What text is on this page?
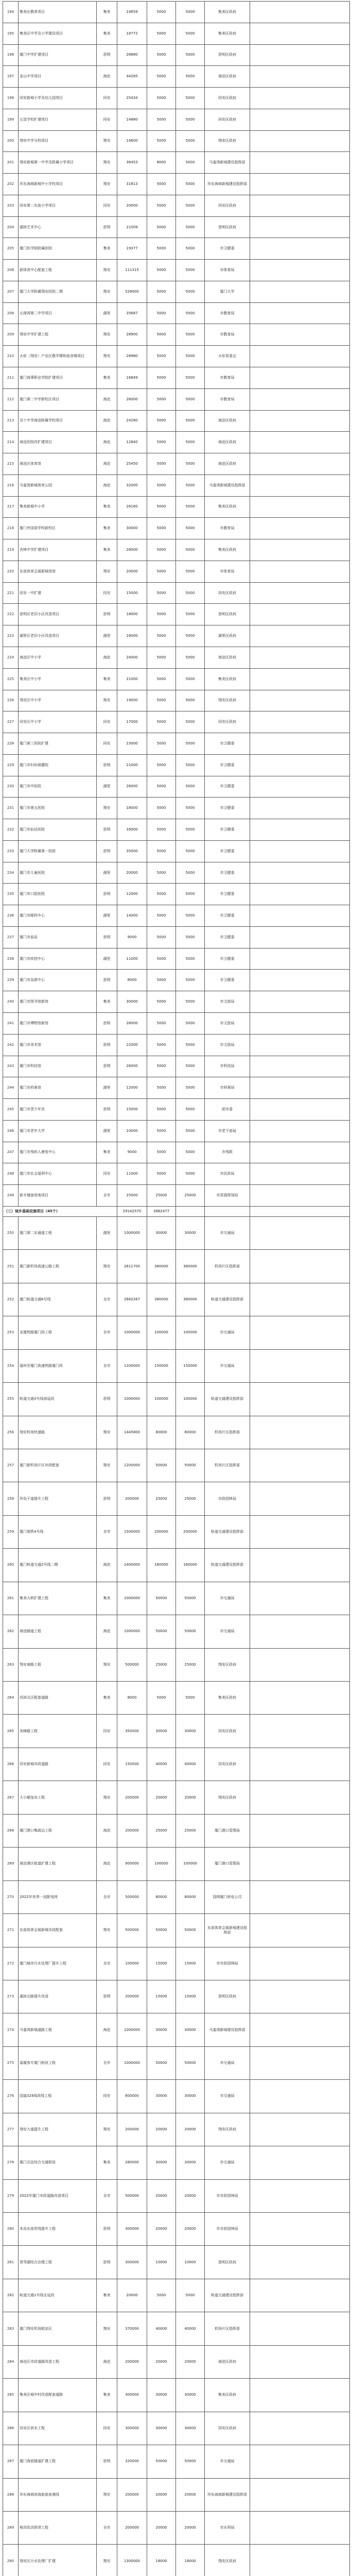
194	集美区教育项目	集美	14659	5000	5000	集美区政府	
195	集美区中学及小学建设项目	集美	18772	5000	5000	集美区政府	
196	厦门中学扩建项目	思明	28880	5000	5000	思明区政府	
197	金山中学项目	海沧	44285	5000	5000	海沧区政府	
198	同安新城小学及幼儿园项目	同安	25434	5000	5000	同安区政府	
199	五显学校扩建项目	同安	14880	5000	5000	同安区政府	
200	翔安中学分校项目	翔安	14600	5000	5000	翔安区政府	
201	翔安新城第一中学及附属小学项目	翔安	36453	8000	5000	马銮湾新城建设指挥部	
202	环东海域新城中小学校项目	翔安	31813	5000	5000	环东海域新城建设指挥部	
203	同安第二实验小学项目	同安	20000	5000	5000	同安区政府	
204	湖滨艺术中心	思明	21009	5000	5000	思明区政府	
205	厦门医学院附属医院	集美	19377	5000	5000	市卫健委	
206	新体育中心配套工程	翔安	111315	5000	5000	市体育局	
207	厦门大学附属翔安医院二期	翔安	528000	5000	5000	厦门大学	
208	五缘湾第二中学项目	湖里	35687	5000	5000	市教育局	
209	翔安中学扩建工程	翔安	28900	5000	5000	市教育局	
210	火炬（翔安）产业区教学楼和宿舍楼项目	翔安	28980	5000	5000	火炬管委会	
211	厦门海事职业学院扩建项目	集美	16849	5000	5000	市教育局	
212	厦门第二中学新校区项目	海沧	26000	5000	5000	市教育局	
213	双十中学海沧附属学校项目	海沧	24280	5000	5000	海沧区政府	
214	海沧医院改扩建项目	海沧	12840	5000	5000	海沧区政府	
215	海沧区体育馆	海沧	25450	5000	5000	海沧区政府	
216	马銮湾新城体育公园	海沧	32000	5000	5000	马銮湾新城建设指挥部	
217	集美新城中小学	集美	26160	5000	5000	集美区政府	
218	厦门外国语学校新校区	集美	30000	5000	5000	市教育局	
219	杏林中学扩建项目	集美	28000	5000	5000	集美区政府	
220	东部体育会展新城场馆	翔安	20000	5000	5000	市体育局	
221	同安一中扩建	同安	15000	5000	5000	同安区政府	
222	思明区老旧小区改造项目	思明	18000	5000	5000	思明区政府	
223	湖里区老旧小区改造项目	湖里	16000	5000	5000	湖里区政府	
224	海沧区中小学	海沧	24000	5000	5000	海沧区政府	
225	集美区中小学	集美	21000	5000	5000	集美区政府	
226	翔安区中小学	翔安	19000	5000	5000	翔安区政府	
227	同安区中小学	同安	17000	5000	5000	同安区政府	
228	厦门第三医院扩建	同安	23000	5000	5000	市卫健委	
229	厦门市妇幼保健院	思明	21000	5000	5000	市卫健委	
230	厦门市中医院	湖里	26000	5000	5000	市卫健委	
231	厦门市第五医院	翔安	18000	5000	5000	市卫健委	
232	厦门市仙岳医院	思明	16000	5000	5000	市卫健委	
233	厦门大学附属第一医院	思明	35000	5000	5000	市卫健委	
234	厦门市儿童医院	湖里	20000	5000	5000	市卫健委	
235	厦门市口腔医院	思明	12000	5000	5000	市卫健委	
236	厦门市眼科中心	湖里	14000	5000	5000	市卫健委	
237	厦门市血站	思明	9000	5000	5000	市卫健委	
238	厦门市疾控中心	湖里	11000	5000	5000	市卫健委	
239	厦门市急救中心	思明	8000	5000	5000	市卫健委	
240	厦门市图书馆新馆	集美	30000	5000	5000	市文旅局	
241	厦门市博物馆新馆	思明	28000	5000	5000	市文旅局	
242	厦门市美术馆	思明	22000	5000	5000	市文旅局	
243	厦门市科技馆	思明	26000	5000	5000	市科技局	
244	厦门市档案馆	湖里	12000	5000	5000	市档案局	
245	厦门市青少年宫	思明	15000	5000	5000	团市委	
246	厦门市老年大学	湖里	10000	5000	5000	市老干部局	
247	厦门市残疾人康复中心	集美	9000	5000	5000	市残联	
248	厦门市社会福利中心	同安	11000	5000	5000	市民政局	
249	新开储备用地项目	全市	25000	25000	25000	市资源规划局	
（三）城乡基础设施项目（45个）			29142570	3962477			
250	厦门第二东通道工程	湖里	1000000	30000	30000	市交通局	
251	厦门新机场高速公路工程	翔安	2611700	380000	380000	机场片区指挥部	
252	厦门轨道交通6号线	全市	2682267	380000	380000	轨道交通建设指挥部	
253	龙厦铁路厦门段工程	全市	1000000	100000	100000	市交通局	
254	福州至厦门高速铁路厦门段	全市	1200000	150000	150000	市交通局	
255	轨道交通3号线南延段	思明	1000000	100000	100000	轨道交通建设指挥部	
256	翔安机场快速路	翔安	1445800	80000	80000	机场片区指挥部	
257	厦门新机场片区市政配套	翔安	1200000	50000	50000	机场片区指挥部	
258	环岛干道提升工程	思明	200000	25000	25000	市政园林局	
259	厦门地铁4号线	全市	1500000	200000	200000	轨道交通建设指挥部	
260	厦门轨道交通2号线二期	海沧	2400000	160000	160000	轨道交通建设指挥部	
261	集美大桥扩建工程	集美	1000000	50000	50000	市交通局	
262	海沧隧道工程	海沧	1000000	50000	50000	市交通局	
263	翔安南路工程	翔安	500000	25000	25000	翔安区政府	
264	西滨北区配套道路	集美	8000	5000	5000	集美区政府	
265	美峰路工程	同安	350000	30000	30000	同安区政府	
266	同安新城市政道路	同安	150000	40000	40000	同安区政府	
267	大小嶝连岛工程	翔安	200000	20000	20000	翔安区政府	
268	厦门港口集疏运工程	海沧	200000	25000	25000	厦门港口管理局	
269	海沧港区航道扩建工程	海沧	900000	100000	100000	厦门港口管理局	
270	2022年世界一流配电网	全市	500000	80000	80000	国网厦门供电公司	
271	东部体育会展新城市政配套	翔安	500000	50000	50000	东部体育会展新城建设指挥部	
272	厦门城市污水处理厂提升工程	全市	100000	15000	15000	市市政园林局	
273	湖滨北路提升改造	思明	200000	15000	15000	思明区政府	
274	马銮湾新城道路工程	海沧	1000000	30000	30000	马銮湾新城建设指挥部	
275	福厦客专厦门枢纽工程	全市	1000000	50000	50000	市交通局	
276	国道324线改线工程	同安	600000	30000	30000	市交通局	
277	翔安大道提升工程	翔安	200000	20000	20000	翔安区政府	
278	厦门北站综合交通枢纽	集美	280000	30000	30000	市交通局	
279	2022年厦门市政道路改造项目	全市	500000	20000	20000	市市政园林局	
280	本岛东部岸线提升工程	思明	300000	20000	20000	市市政园林局	
281	筼筜湖综合治理工程	思明	300000	10000	10000	思明区政府	
282	轨道交通1号线北延段	集美	20000	5000	5000	轨道交通建设指挥部	
283	厦门翔安机场航站区	翔安	370000	40000	40000	机场片区指挥部	
284	海沧区市政道路改造工程	海沧	200000	20000	20000	海沧区政府	
285	集美区城中村改造配套道路	集美	300000	30000	30000	集美区政府	
286	同安区供水工程	同安	300000	30000	30000	同安区政府	
287	厦门海底隧道扩建工程	思明	320000	50000	50000	市交通局	
288	环东海域滨海旅游浪漫线	翔安	200000	20000	20000	环东海域新城建设指挥部	
289	城市防洪排涝工程	全市	200000	20000	20000	市水利局	
290	翔安区污水处理厂扩建	翔安	1300000	18000	18000	翔安区政府	
